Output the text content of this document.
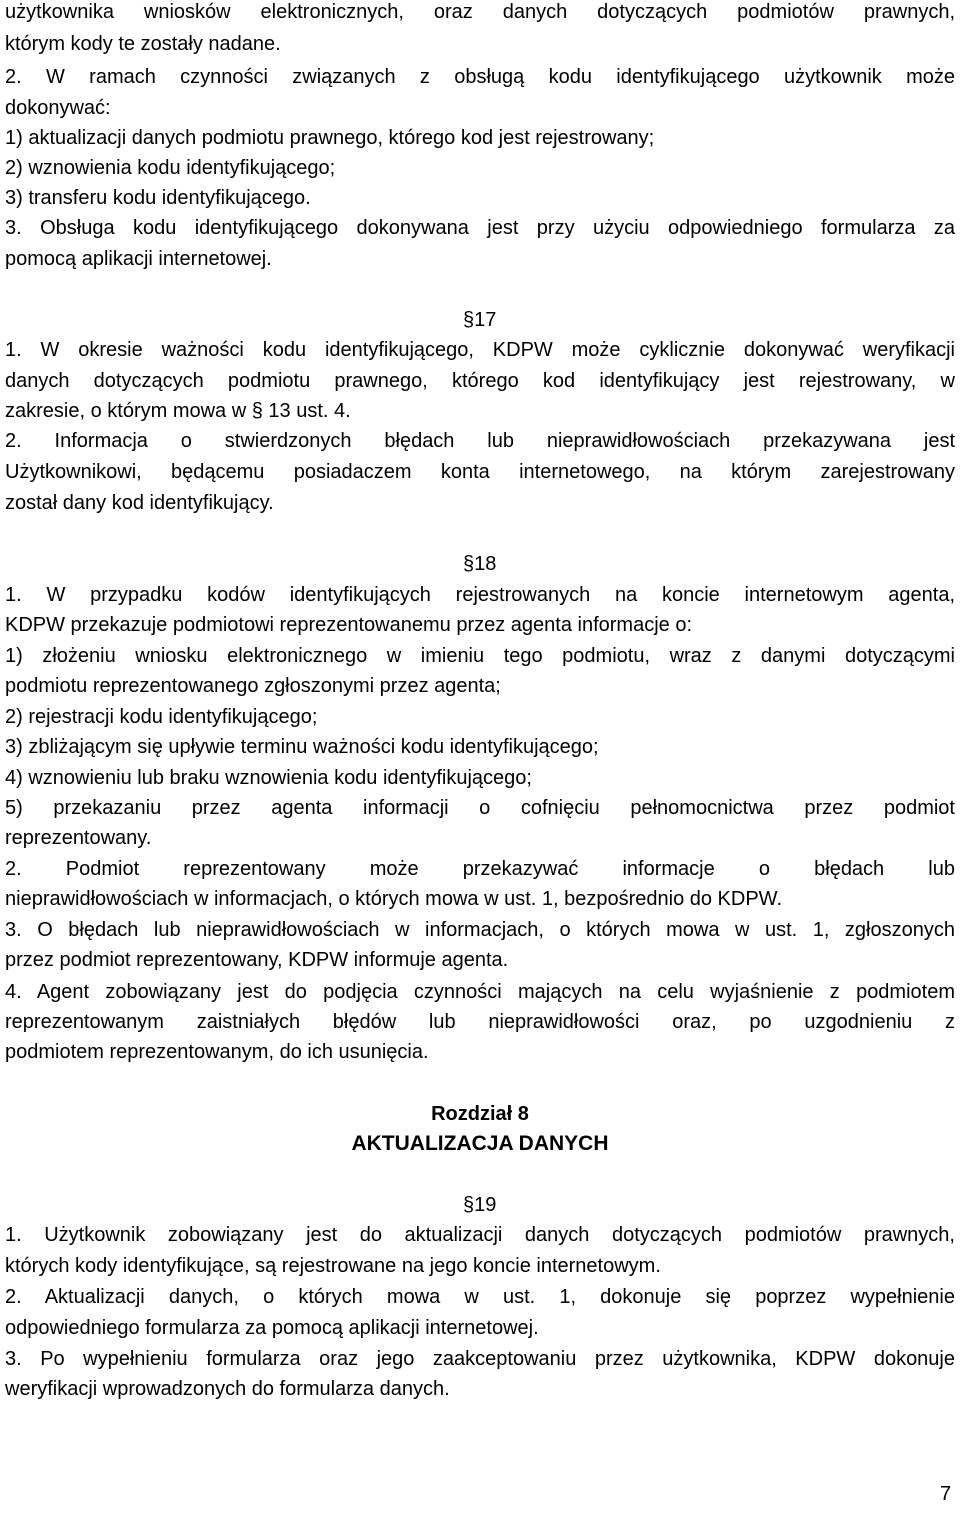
użytkownika wniosków elektronicznych, oraz danych dotyczących podmiotów prawnych,
którym kody te zostały nadane.
2. W ramach czynności związanych z obsługą kodu identyfikującego użytkownik może
dokonywać:
1) aktualizacji danych podmiotu prawnego, którego kod jest rejestrowany;
2) wznowienia kodu identyfikującego;
3) transferu kodu identyfikującego.
3. Obsługa kodu identyfikującego dokonywana jest przy użyciu odpowiedniego formularza za
pomocą aplikacji internetowej.
§17
1. W okresie ważności kodu identyfikującego, KDPW może cyklicznie dokonywać weryfikacji
danych dotyczących podmiotu prawnego, którego kod identyfikujący jest rejestrowany, w
zakresie, o którym mowa w § 13 ust. 4.
2. Informacja o stwierdzonych błędach lub nieprawidłowościach przekazywana jest
Użytkownikowi, będącemu posiadaczem konta internetowego, na którym zarejestrowany
został dany kod identyfikujący.
§18
1. W przypadku kodów identyfikujących rejestrowanych na koncie internetowym agenta,
KDPW przekazuje podmiotowi reprezentowanemu przez agenta informacje o:
1) złożeniu wniosku elektronicznego w imieniu tego podmiotu, wraz z danymi dotyczącymi
podmiotu reprezentowanego zgłoszonymi przez agenta;
2) rejestracji kodu identyfikującego;
3) zbliżającym się upływie terminu ważności kodu identyfikującego;
4) wznowieniu lub braku wznowienia kodu identyfikującego;
5) przekazaniu przez agenta informacji o cofnięciu pełnomocnictwa przez podmiot
reprezentowany.
2. Podmiot reprezentowany może przekazywać informacje o błędach lub
nieprawidłowościach w informacjach, o których mowa w ust. 1, bezpośrednio do KDPW.
3. O błędach lub nieprawidłowościach w informacjach, o których mowa w ust. 1, zgłoszonych
przez podmiot reprezentowany, KDPW informuje agenta.
4. Agent zobowiązany jest do podjęcia czynności mających na celu wyjaśnienie z podmiotem
reprezentowanym zaistniałych błędów lub nieprawidłowości oraz, po uzgodnieniu z
podmiotem reprezentowanym, do ich usunięcia.
Rozdział 8
AKTUALIZACJA DANYCH
§19
1. Użytkownik zobowiązany jest do aktualizacji danych dotyczących podmiotów prawnych,
których kody identyfikujące, są rejestrowane na jego koncie internetowym.
2. Aktualizacji danych, o których mowa w ust. 1, dokonuje się poprzez wypełnienie
odpowiedniego formularza za pomocą aplikacji internetowej.
3. Po wypełnieniu formularza oraz jego zaakceptowaniu przez użytkownika, KDPW dokonuje
weryfikacji wprowadzonych do formularza danych.
7
